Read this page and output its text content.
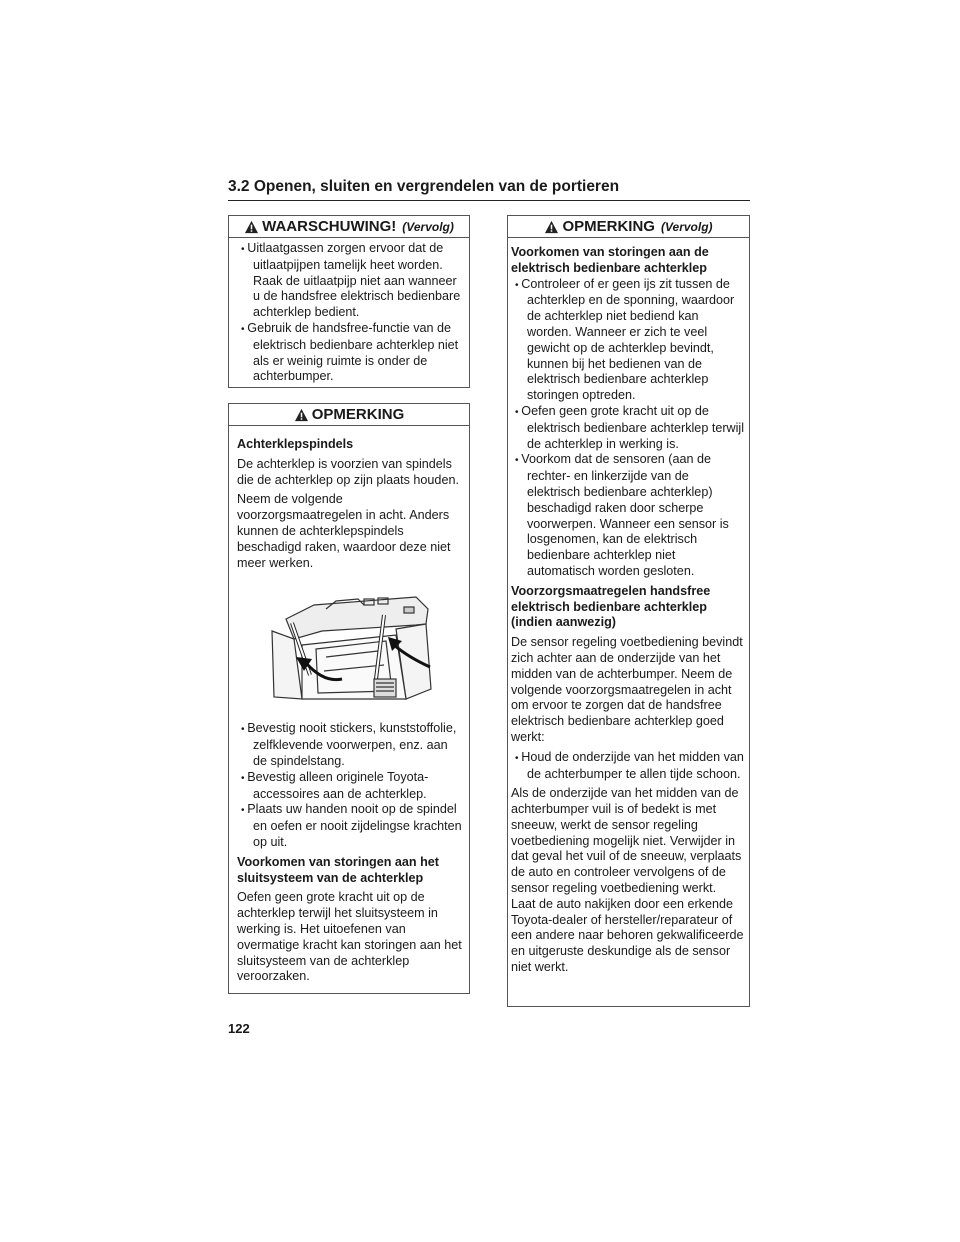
3.2 Openen, sluiten en vergrendelen van de portieren
WAARSCHUWING! (Vervolg)
• Uitlaatgassen zorgen ervoor dat de uitlaatpijpen tamelijk heet worden. Raak de uitlaatpijp niet aan wanneer u de handsfree elektrisch bedienbare achterklep bedient.
• Gebruik de handsfree-functie van de elektrisch bedienbare achterklep niet als er weinig ruimte is onder de achterbumper.
OPMERKING
Achterklepspindels

De achterklep is voorzien van spindels die de achterklep op zijn plaats houden.

Neem de volgende voorzorgsmaatregelen in acht. Anders kunnen de achterklepspindels beschadigd raken, waardoor deze niet meer werken.

• Bevestig nooit stickers, kunststoffolie, zelfklevende voorwerpen, enz. aan de spindelstang.
• Bevestig alleen originele Toyota-accessoires aan de achterklep.
• Plaats uw handen nooit op de spindel en oefen er nooit zijdelingse krachten op uit.
Voorkomen van storingen aan het sluitsysteem van de achterklep

Oefen geen grote kracht uit op de achterklep terwijl het sluitsysteem in werking is. Het uitoefenen van overmatige kracht kan storingen aan het sluitsysteem van de achterklep veroorzaken.

OPMERKING (Vervolg)
Voorkomen van storingen aan de elektrisch bedienbare achterklep
• Controleer of er geen ijs zit tussen de achterklep en de sponning, waardoor de achterklep niet bediend kan worden. Wanneer er zich te veel gewicht op de achterklep bevindt, kunnen bij het bedienen van de elektrisch bedienbare achterklep storingen optreden.
• Oefen geen grote kracht uit op de elektrisch bedienbare achterklep terwijl de achterklep in werking is.
• Voorkom dat de sensoren (aan de rechter- en linkerzijde van de elektrisch bedienbare achterklep) beschadigd raken door scherpe voorwerpen. Wanneer een sensor is losgenomen, kan de elektrisch bedienbare achterklep niet automatisch worden gesloten.
Voorzorgsmaatregelen handsfree elektrisch bedienbare achterklep (indien aanwezig)

De sensor regeling voetbediening bevindt zich achter aan de onderzijde van het midden van de achterbumper. Neem de volgende voorzorgsmaatregelen in acht om ervoor te zorgen dat de handsfree elektrisch bedienbare achterklep goed werkt:

• Houd de onderzijde van het midden van de achterbumper te allen tijde schoon.

Als de onderzijde van het midden van de achterbumper vuil is of bedekt is met sneeuw, werkt de sensor regeling voetbediening mogelijk niet. Verwijder in dat geval het vuil of de sneeuw, verplaats de auto en controleer vervolgens of de sensor regeling voetbediening werkt. Laat de auto nakijken door een erkende Toyota-dealer of hersteller/reparateur of een andere naar behoren gekwalificeerde en uitgeruste deskundige als de sensor niet werkt.

122
